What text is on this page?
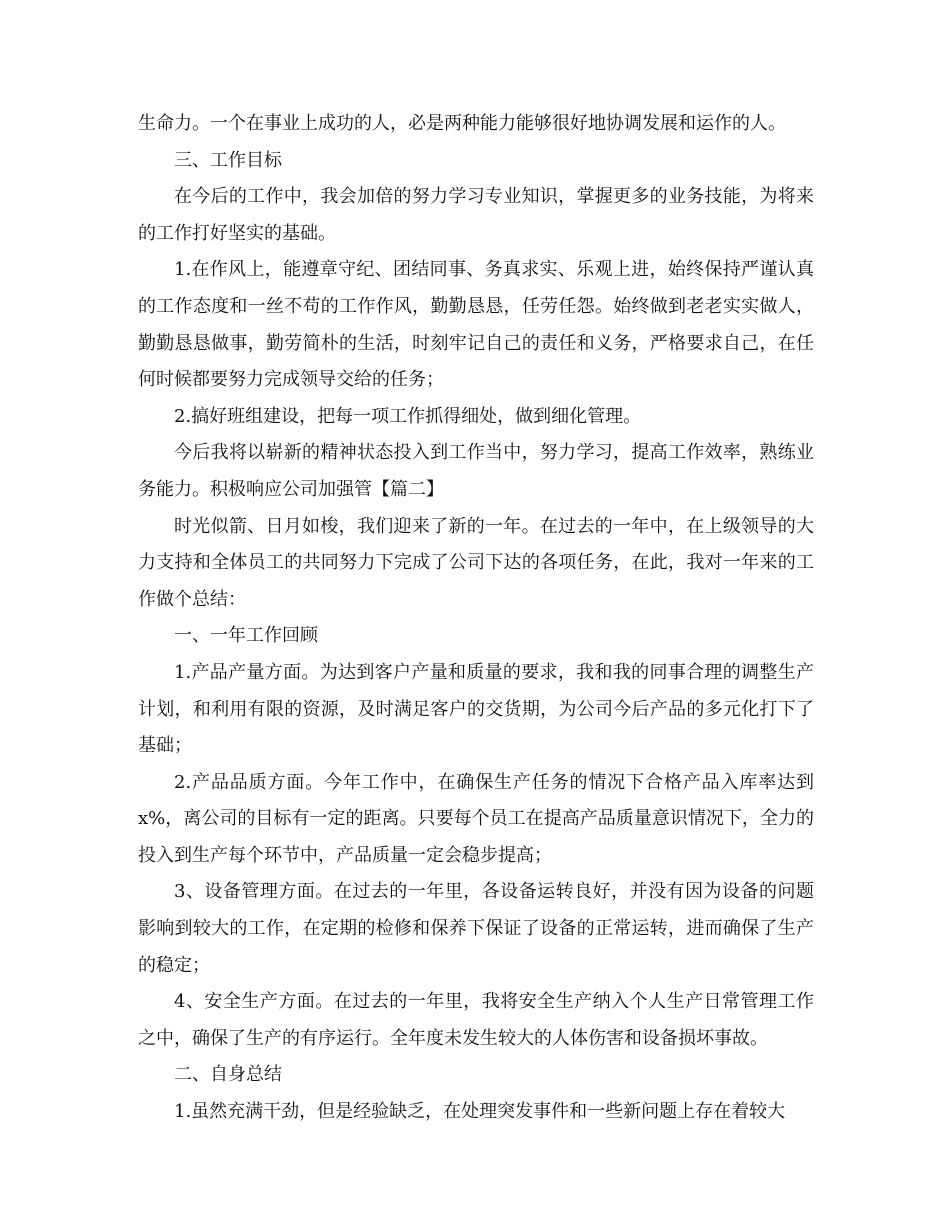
生命力。一个在事业上成功的人，必是两种能力能够很好地协调发展和运作的人。

三、工作目标

在今后的工作中，我会加倍的努力学习专业知识，掌握更多的业务技能，为将来的工作打好坚实的基础。

1.在作风上，能遵章守纪、团结同事、务真求实、乐观上进，始终保持严谨认真的工作态度和一丝不苟的工作作风，勤勤恳恳，任劳任怨。始终做到老老实实做人，勤勤恳恳做事，勤劳简朴的生活，时刻牢记自己的责任和义务，严格要求自己，在任何时候都要努力完成领导交给的任务；

2.搞好班组建设，把每一项工作抓得细处，做到细化管理。

今后我将以崭新的精神状态投入到工作当中，努力学习，提高工作效率，熟练业务能力。积极响应公司加强管【篇二】

时光似箭、日月如梭，我们迎来了新的一年。在过去的一年中，在上级领导的大力支持和全体员工的共同努力下完成了公司下达的各项任务，在此，我对一年来的工作做个总结：

一、一年工作回顾

1.产品产量方面。为达到客户产量和质量的要求，我和我的同事合理的调整生产计划，和利用有限的资源，及时满足客户的交货期，为公司今后产品的多元化打下了基础；

2.产品品质方面。今年工作中，在确保生产任务的情况下合格产品入库率达到x%，离公司的目标有一定的距离。只要每个员工在提高产品质量意识情况下，全力的投入到生产每个环节中，产品质量一定会稳步提高；

3、设备管理方面。在过去的一年里，各设备运转良好，并没有因为设备的问题影响到较大的工作，在定期的检修和保养下保证了设备的正常运转，进而确保了生产的稳定；

4、安全生产方面。在过去的一年里，我将安全生产纳入个人生产日常管理工作之中，确保了生产的有序运行。全年度未发生较大的人体伤害和设备损坏事故。

二、自身总结

1.虽然充满干劲，但是经验缺乏，在处理突发事件和一些新问题上存在着较大
